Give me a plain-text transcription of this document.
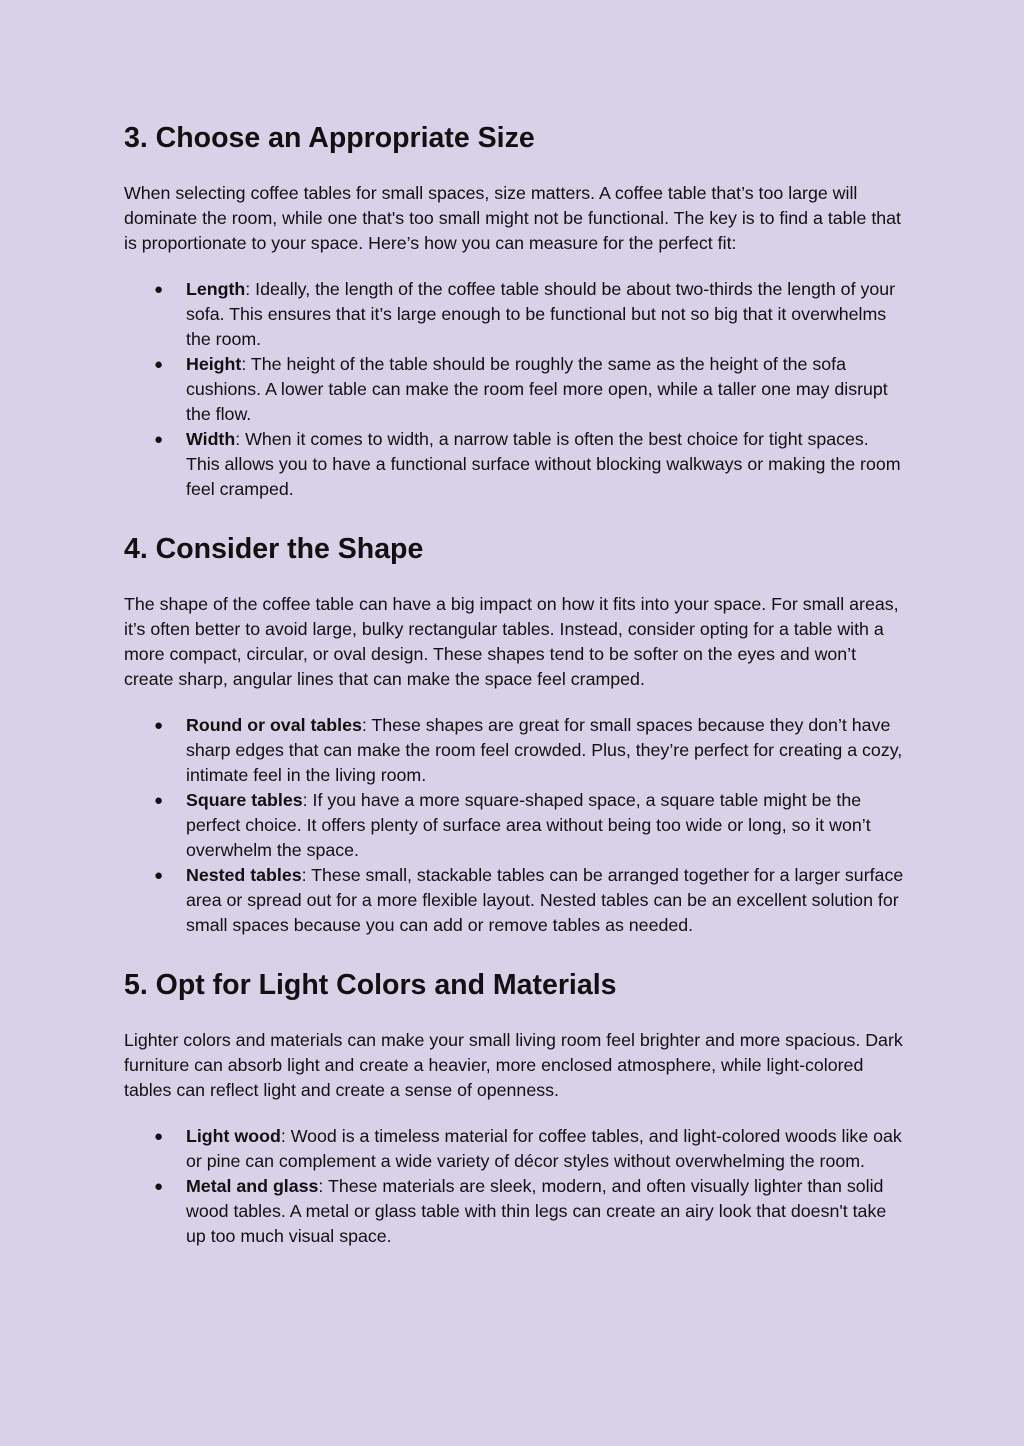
3. Choose an Appropriate Size

When selecting coffee tables for small spaces, size matters. A coffee table that’s too large will dominate the room, while one that's too small might not be functional. The key is to find a table that is proportionate to your space. Here’s how you can measure for the perfect fit:

● Length: Ideally, the length of the coffee table should be about two-thirds the length of your sofa. This ensures that it’s large enough to be functional but not so big that it overwhelms the room.
● Height: The height of the table should be roughly the same as the height of the sofa cushions. A lower table can make the room feel more open, while a taller one may disrupt the flow.
● Width: When it comes to width, a narrow table is often the best choice for tight spaces. This allows you to have a functional surface without blocking walkways or making the room feel cramped.
4. Consider the Shape

The shape of the coffee table can have a big impact on how it fits into your space. For small areas, it’s often better to avoid large, bulky rectangular tables. Instead, consider opting for a table with a more compact, circular, or oval design. These shapes tend to be softer on the eyes and won’t create sharp, angular lines that can make the space feel cramped.

● Round or oval tables: These shapes are great for small spaces because they don’t have sharp edges that can make the room feel crowded. Plus, they’re perfect for creating a cozy, intimate feel in the living room.
● Square tables: If you have a more square-shaped space, a square table might be the perfect choice. It offers plenty of surface area without being too wide or long, so it won’t overwhelm the space.
● Nested tables: These small, stackable tables can be arranged together for a larger surface area or spread out for a more flexible layout. Nested tables can be an excellent solution for small spaces because you can add or remove tables as needed.
5. Opt for Light Colors and Materials

Lighter colors and materials can make your small living room feel brighter and more spacious. Dark furniture can absorb light and create a heavier, more enclosed atmosphere, while light-colored tables can reflect light and create a sense of openness.

● Light wood: Wood is a timeless material for coffee tables, and light-colored woods like oak or pine can complement a wide variety of décor styles without overwhelming the room.
● Metal and glass: These materials are sleek, modern, and often visually lighter than solid wood tables. A metal or glass table with thin legs can create an airy look that doesn't take up too much visual space.
